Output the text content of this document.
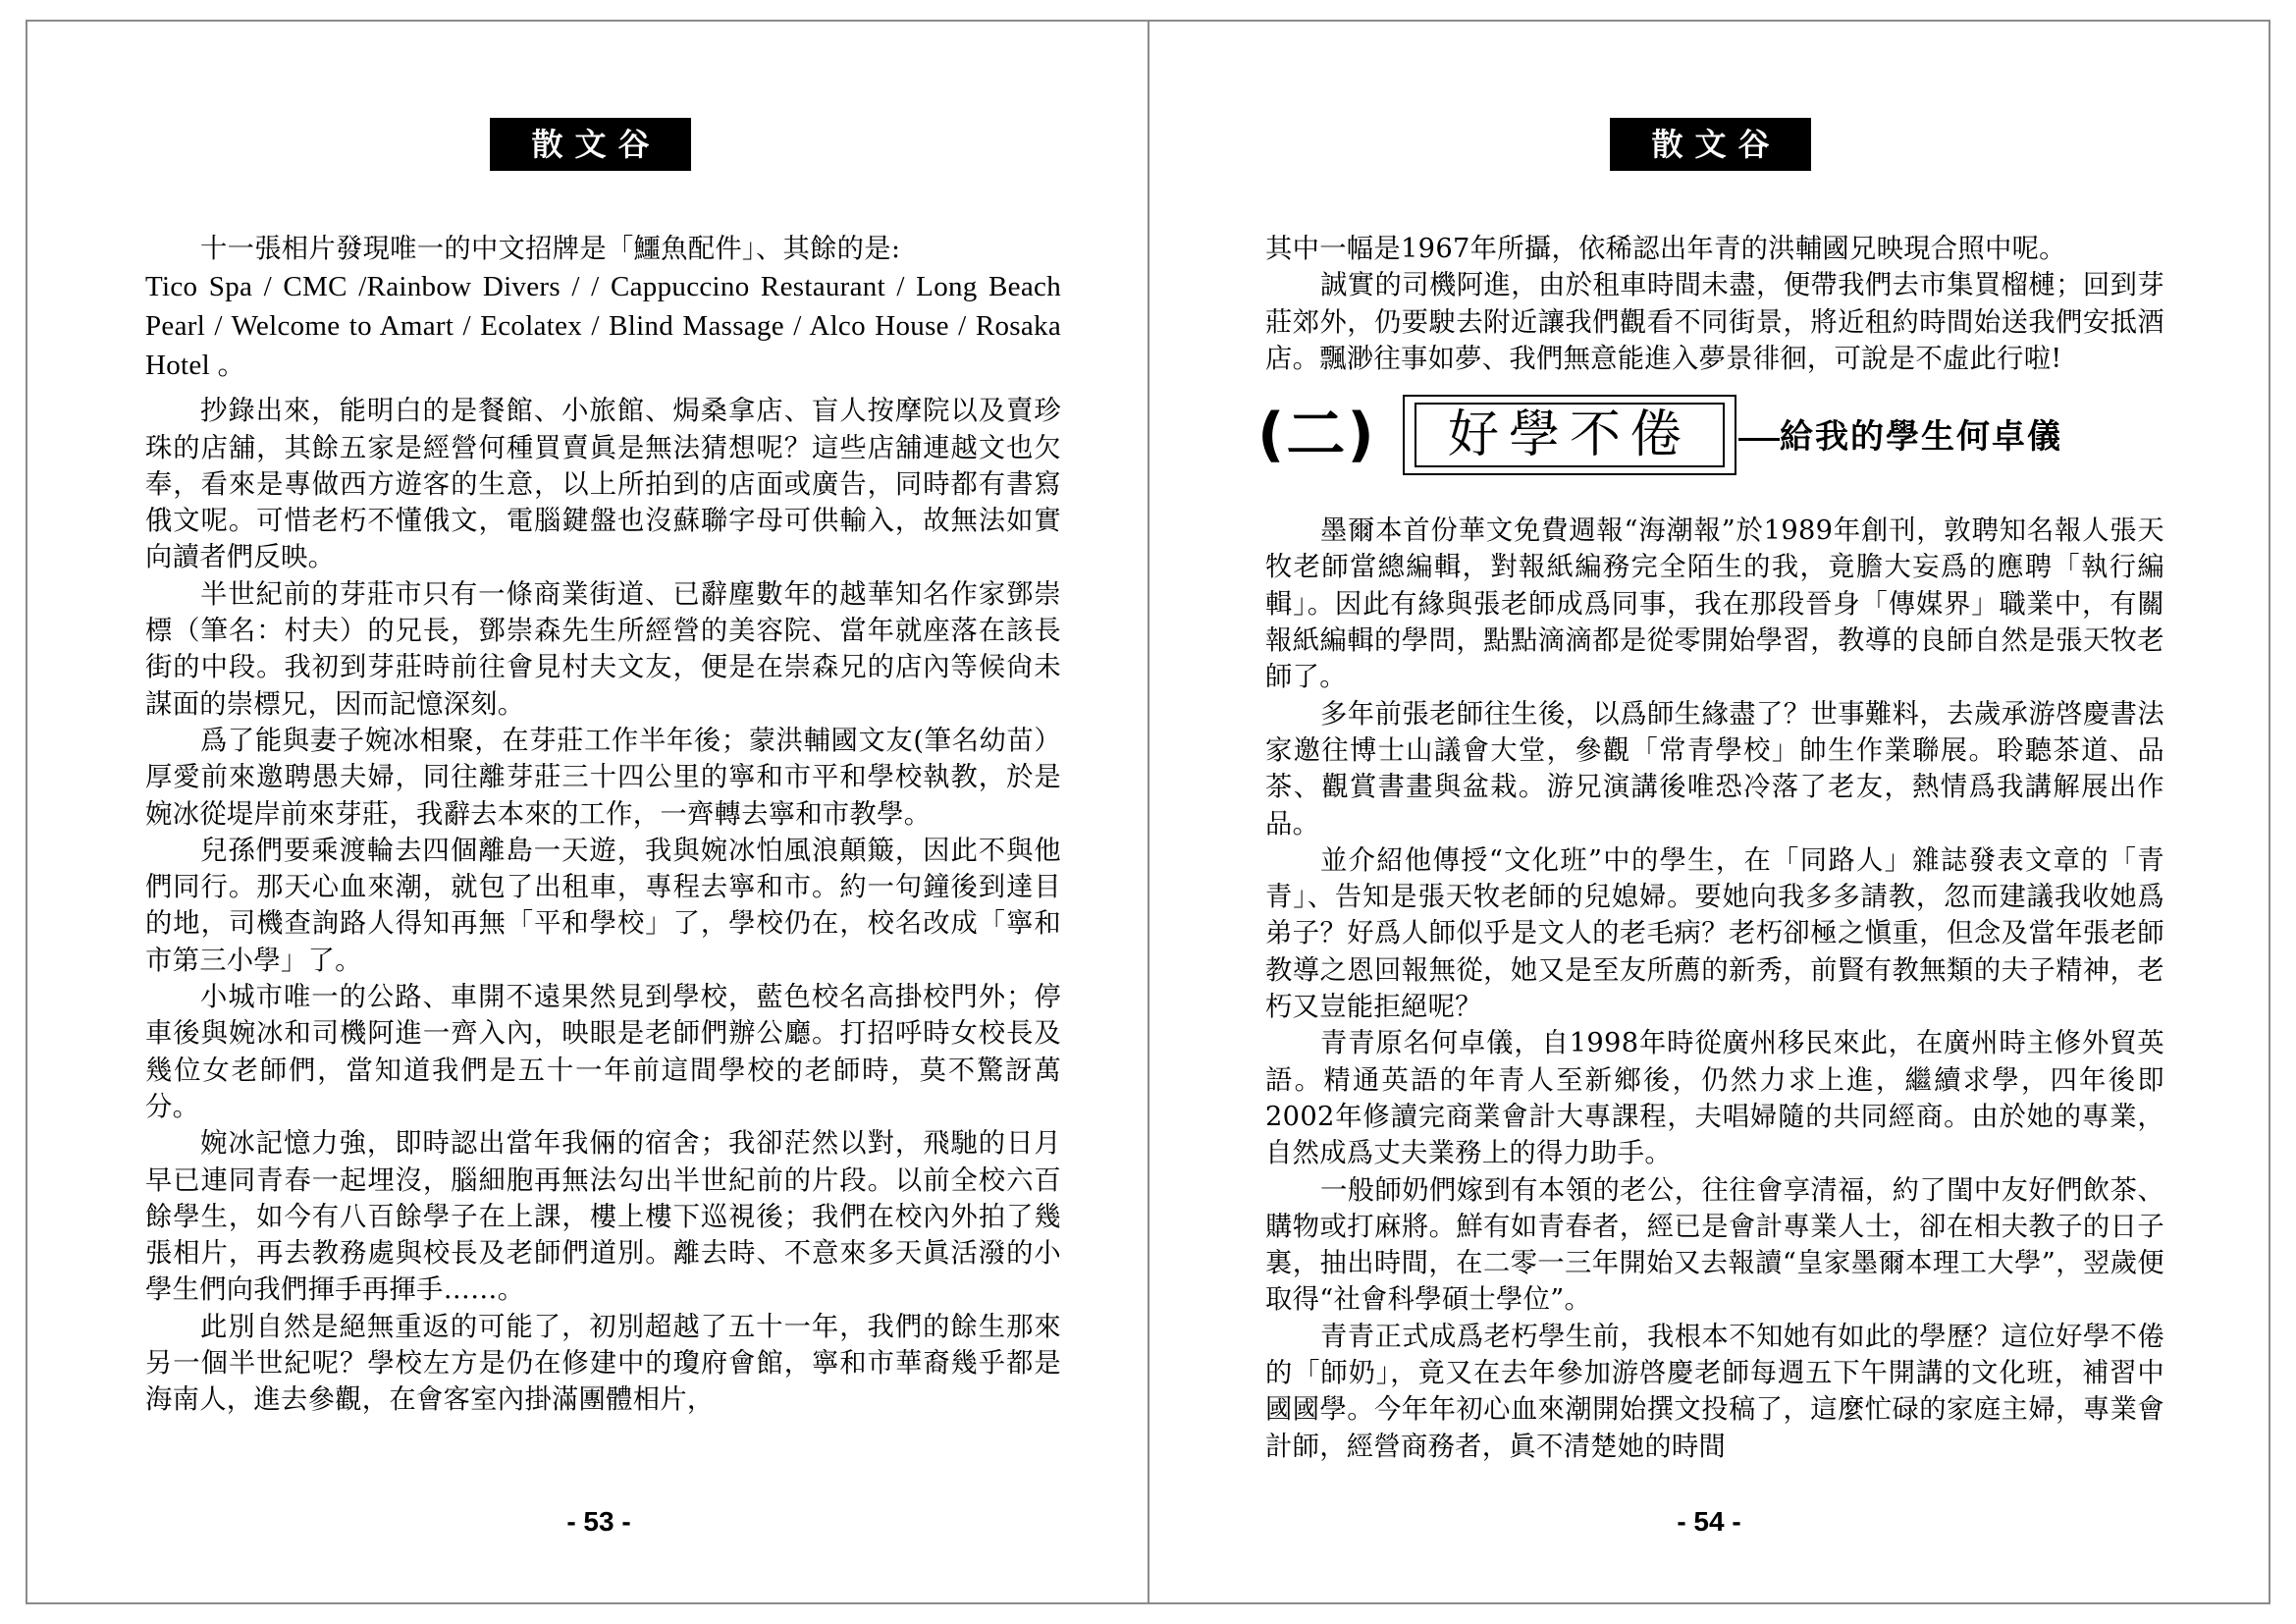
散文谷

十一張相片發現唯一的中文招牌是「鱷魚配件」、其餘的是:

Tico Spa / CMC /Rainbow Divers / / Cappuccino Restaurant / Long Beach Pearl / Welcome to Amart / Ecolatex / Blind Massage / Alco House / Rosaka Hotel 。

抄錄出來，能明白的是餐館、小旅館、焗桑拿店、盲人按摩院以及賣珍珠的店舖，其餘五家是經營何種買賣眞是無法猜想呢？這些店舖連越文也欠奉，看來是專做西方遊客的生意，以上所拍到的店面或廣告，同時都有書寫俄文呢。可惜老朽不懂俄文，電腦鍵盤也沒蘇聯字母可供輸入，故無法如實向讀者們反映。

半世紀前的芽莊市只有一條商業街道、已辭塵數年的越華知名作家鄧崇標（筆名：村夫）的兄長，鄧崇森先生所經營的美容院、當年就座落在該長街的中段。我初到芽莊時前往會見村夫文友，便是在崇森兄的店內等候尙未謀面的崇標兄，因而記憶深刻。

爲了能與妻子婉冰相聚，在芽莊工作半年後；蒙洪輔國文友(筆名幼苗）厚愛前來邀聘愚夫婦，同往離芽莊三十四公里的寧和市平和學校執教，於是婉冰從堤岸前來芽莊，我辭去本來的工作，一齊轉去寧和市教學。

兒孫們要乘渡輪去四個離島一天遊，我與婉冰怕風浪顛簸，因此不與他們同行。那天心血來潮，就包了出租車，專程去寧和市。約一句鐘後到達目的地，司機查詢路人得知再無「平和學校」了，學校仍在，校名改成「寧和市第三小學」了。

小城市唯一的公路、車開不遠果然見到學校，藍色校名高掛校門外；停車後與婉冰和司機阿進一齊入內，映眼是老師們辦公廳。打招呼時女校長及幾位女老師們，當知道我們是五十一年前這間學校的老師時，莫不驚訝萬分。

婉冰記憶力強，即時認出當年我倆的宿舍；我卻茫然以對，飛馳的日月早已連同青春一起埋沒，腦細胞再無法勾出半世紀前的片段。以前全校六百餘學生，如今有八百餘學子在上課，樓上樓下巡視後；我們在校內外拍了幾張相片，再去教務處與校長及老師們道別。離去時、不意來多天眞活潑的小學生們向我們揮手再揮手……。

此別自然是絕無重返的可能了，初別超越了五十一年，我們的餘生那來另一個半世紀呢？學校左方是仍在修建中的瓊府會館，寧和市華裔幾乎都是海南人，進去參觀，在會客室內掛滿團體相片，

- 53 -
散文谷

其中一幅是1967年所攝，依稀認出年青的洪輔國兄映現合照中呢。

誠實的司機阿進，由於租車時間未盡，便帶我們去市集買榴槤；回到芽莊郊外，仍要駛去附近讓我們觀看不同街景，將近租約時間始送我們安抵酒店。飄渺往事如夢、我們無意能進入夢景徘徊，可說是不虛此行啦!

(二)	好學不倦	給我的學生何卓儀

墨爾本首份華文免費週報“海潮報”於1989年創刊，敦聘知名報人張天牧老師當總編輯，對報紙編務完全陌生的我，竟膽大妄爲的應聘「執行編輯」。因此有緣與張老師成爲同事，我在那段晉身「傳媒界」職業中，有關報紙編輯的學問，點點滴滴都是從零開始學習，教導的良師自然是張天牧老師了。

多年前張老師往生後，以爲師生緣盡了？世事難料，去歲承游啓慶書法家邀往博士山議會大堂，參觀「常青學校」帥生作業聯展。聆聽茶道、品茶、觀賞書畫與盆栽。游兄演講後唯恐冷落了老友，熱情爲我講解展出作品。

並介紹他傳授“文化班”中的學生，在「同路人」雜誌發表文章的「青青」、告知是張天牧老師的兒媳婦。要她向我多多請教，忽而建議我收她爲弟子？好爲人師似乎是文人的老毛病？老朽卻極之愼重，但念及當年張老師教導之恩回報無從，她又是至友所薦的新秀，前賢有教無類的夫子精神，老朽又豈能拒絕呢？

青青原名何卓儀，自1998年時從廣州移民來此，在廣州時主修外貿英語。精通英語的年青人至新鄉後，仍然力求上進，繼續求學，四年後即2002年修讀完商業會計大專課程，夫唱婦隨的共同經商。由於她的專業，自然成爲丈夫業務上的得力助手。

一般師奶們嫁到有本領的老公，往往會享清福，約了閨中友好們飲茶、購物或打麻將。鮮有如青春者，經已是會計專業人士，卻在相夫教子的日子裏，抽出時間，在二零一三年開始又去報讀“皇家墨爾本理工大學”，翌歲便取得“社會科學碩士學位”。

青青正式成爲老朽學生前，我根本不知她有如此的學歷？這位好學不倦的「師奶」，竟又在去年參加游啓慶老師每週五下午開講的文化班，補習中國國學。今年年初心血來潮開始撰文投稿了，這麼忙碌的家庭主婦，專業會計師，經營商務者，眞不清楚她的時間

- 54 -
